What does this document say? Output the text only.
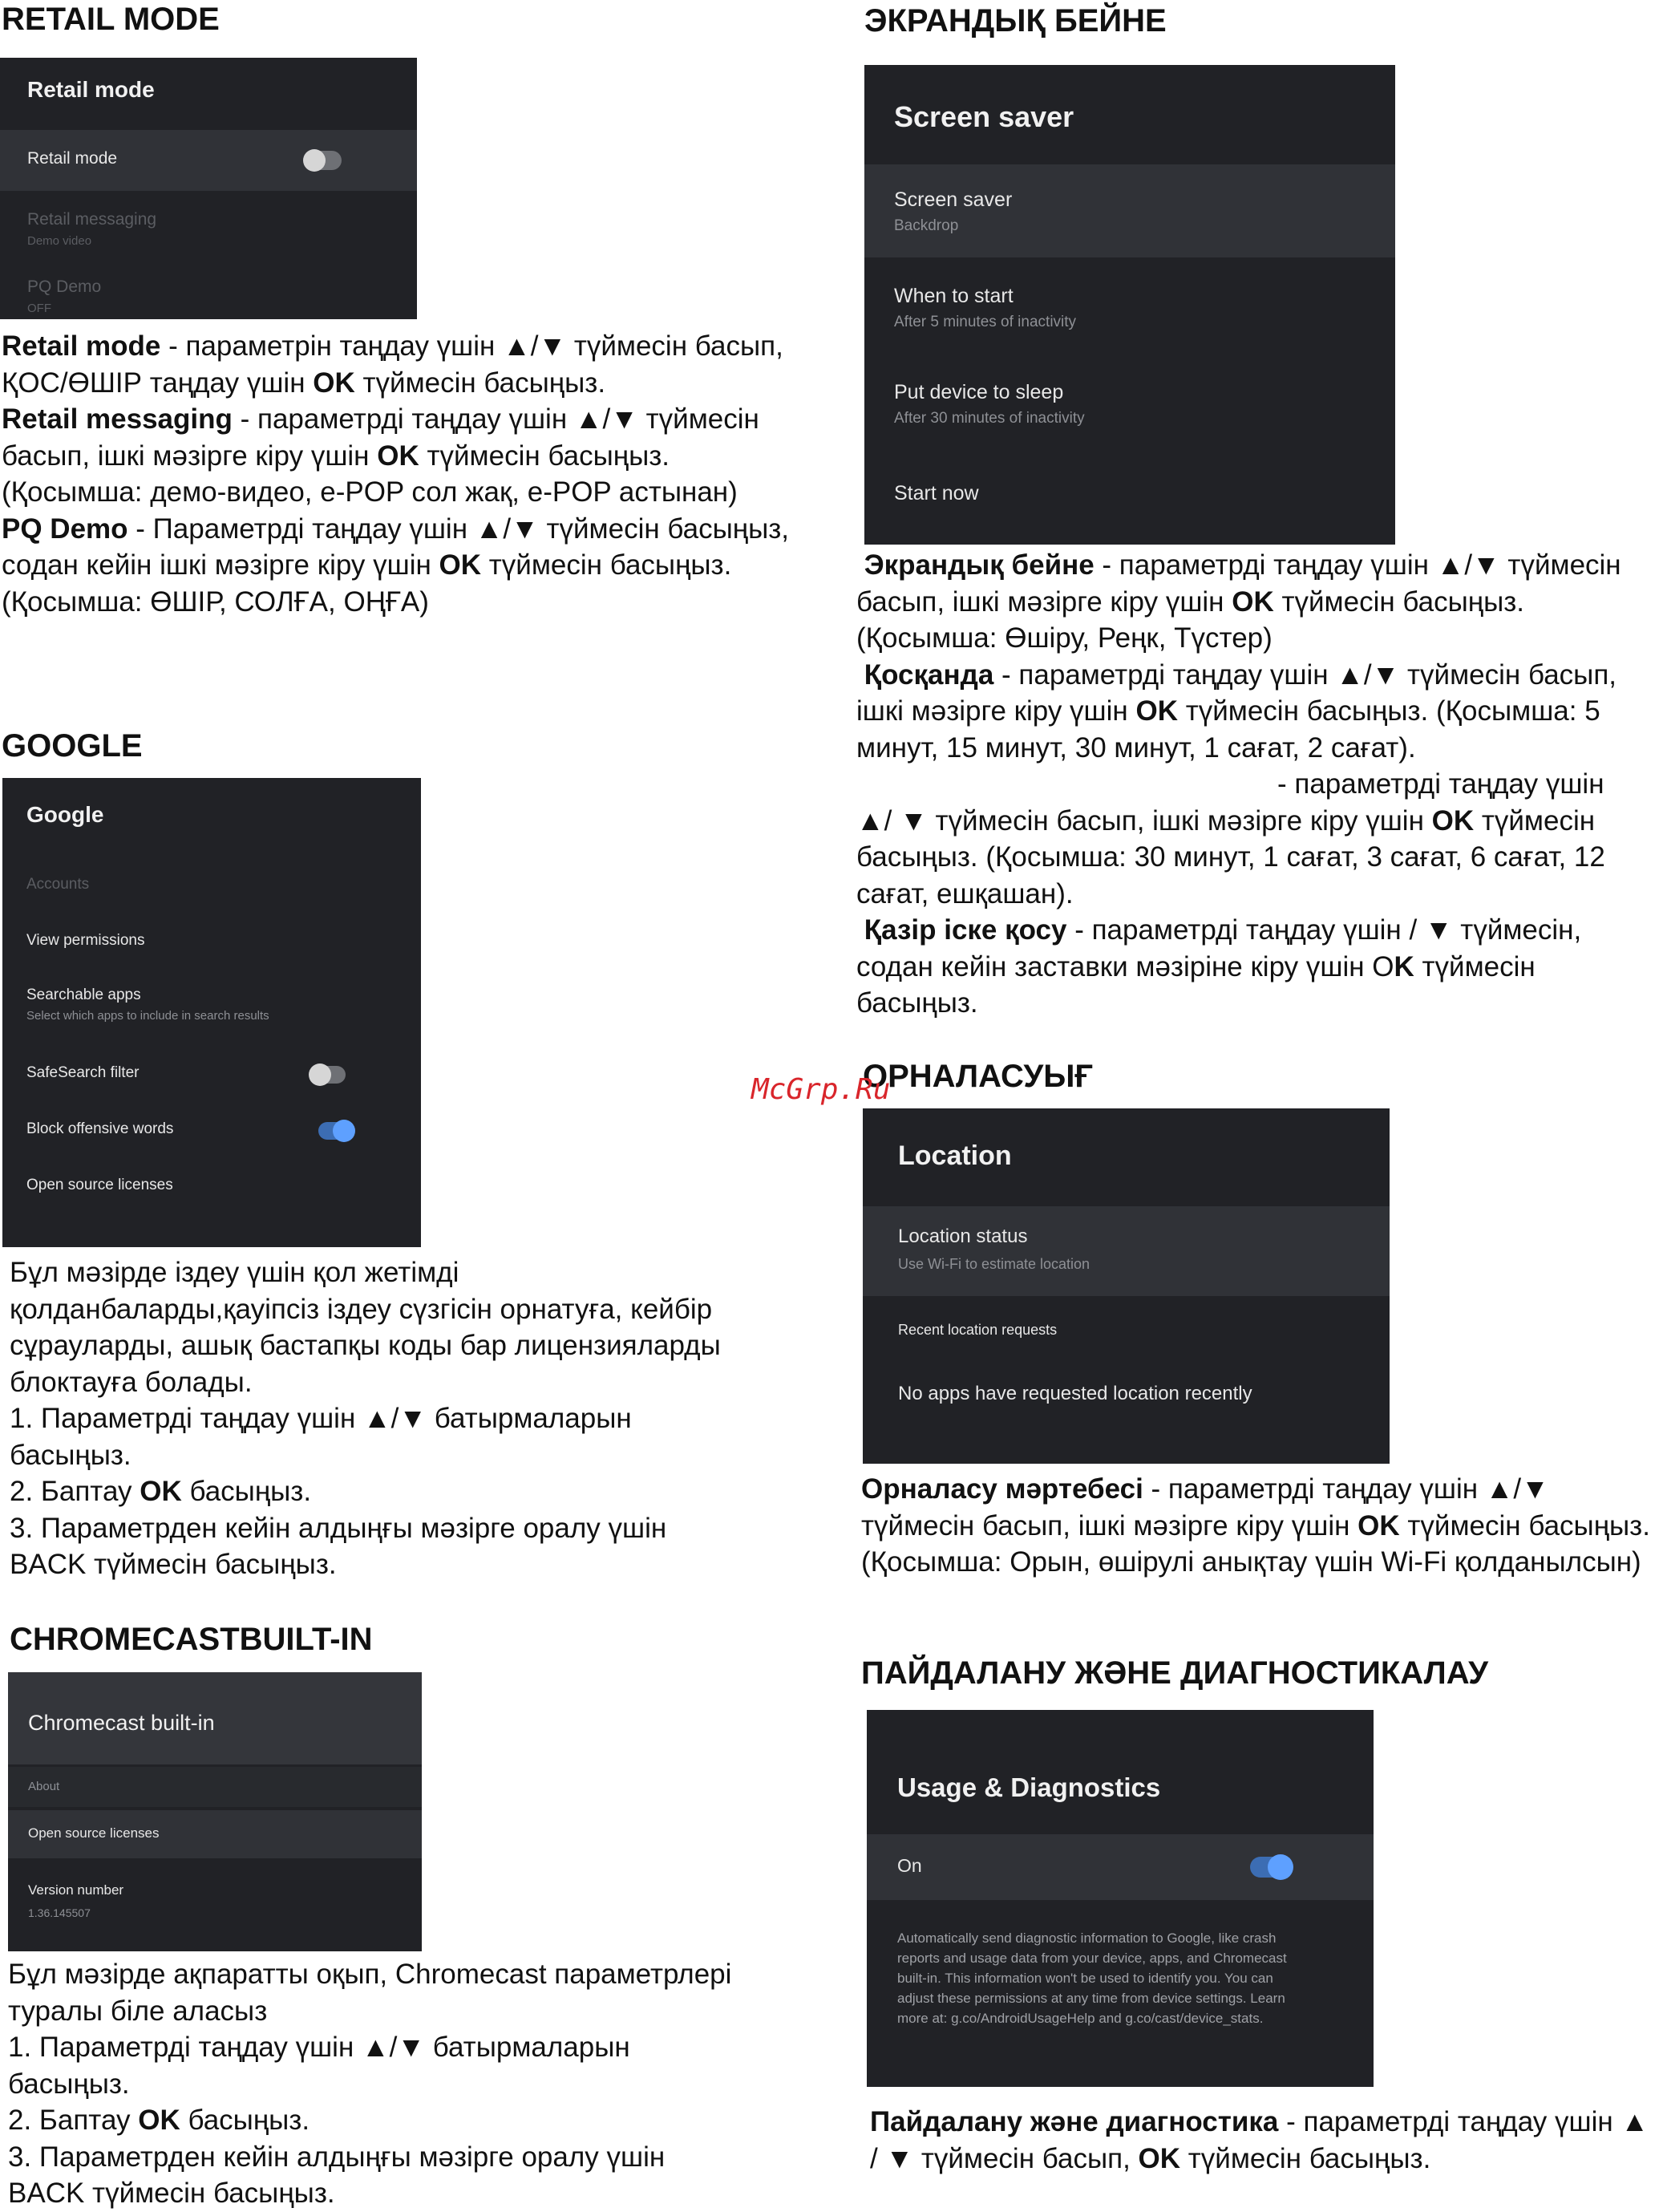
RETAIL MODE
Retail mode
Retail mode
Retail messaging
Demo video
PQ Demo
OFF

Retail mode - параметрін таңдау үшін ▲/▼ түймесін басып, ҚОС/ӨШІР таңдау үшін OK түймесін басыңыз.

Retail messaging - параметрді таңдау үшін ▲/▼ түймесін басып, ішкі мәзірге кіру үшін OK түймесін басыңыз. (Қосымша: демо-видео, e-POP сол жақ, e-POP астынан)

PQ Demo - Параметрді таңдау үшін ▲/▼ түймесін басыңыз, содан кейін ішкі мәзірге кіру үшін OK түймесін басыңыз.

(Қосымша: ӨШІР, СОЛҒА, ОҢҒА)

GOOGLE
Google
Accounts
View permissions
Searchable apps
Select which apps to include in search results
SafeSearch filter
Block offensive words
Open source licenses

Бұл мәзірде іздеу үшін қол жетімді қолданбаларды,қауіпсіз іздеу сүзгісін орнатуға, кейбір сұрауларды, ашық бастапқы коды бар лицензияларды блоктауға болады.

1. Параметрді таңдау үшін ▲/▼ батырмаларын басыңыз.

2. Баптау OK басыңыз.

3. Параметрден кейін алдыңғы мәзірге оралу үшін BACK түймесін басыңыз.

CHROMECASTBUILT-IN
Chromecast built-in
About
Open source licenses
Version number
1.36.145507

Бұл мәзірде ақпаратты оқып, Chromecast параметрлері туралы біле аласыз

1. Параметрді таңдау үшін ▲/▼ батырмаларын басыңыз.

2. Баптау OK басыңыз.

3. Параметрден кейін алдыңғы мәзірге оралу үшін BACK түймесін басыңыз.

ЭКРАНДЫҚ БЕЙНЕ
Screen saver
Screen saver
Backdrop
When to start
After 5 minutes of inactivity
Put device to sleep
After 30 minutes of inactivity
Start now

Экрандық бейне - параметрді таңдау үшін ▲/▼ түймесін басып, ішкі мәзірге кіру үшін OK түймесін басыңыз. (Қосымша: Өшіру, Реңк, Түстер)

Қосқанда - параметрді таңдау үшін ▲/▼ түймесін басып, ішкі мәзірге кіру үшін OK түймесін басыңыз. (Қосымша: 5 минут, 15 минут, 30 минут, 1 сағат, 2 сағат).

- параметрді таңдау үшін

▲/ ▼ түймесін басып, ішкі мәзірге кіру үшін OK түймесін басыңыз. (Қосымша: 30 минут, 1 сағат, 3 сағат, 6 сағат, 12 сағат, ешқашан).

Қазір іске қосу - параметрді таңдау үшін / ▼ түймесін, содан кейін заставки мәзіріне кіру үшін ОK түймесін басыңыз.

ОРНАЛАСУЫҒ
Location
Location status
Use Wi-Fi to estimate location
Recent location requests
No apps have requested location recently

Орналасу мәртебесі - параметрді таңдау үшін ▲/▼ түймесін басып, ішкі мәзірге кіру үшін OK түймесін басыңыз. (Қосымша: Орын, өшірулі анықтау үшін Wi-Fi қолданылсын)

ПАЙДАЛАНУ ЖӘНЕ ДИАГНОСТИКАЛАУ
Usage & Diagnostics
On
Automatically send diagnostic information to Google, like crash reports and usage data from your device, apps, and Chromecast built-in. This information won't be used to identify you. You can adjust these permissions at any time from device settings. Learn more at: g.co/AndroidUsageHelp and g.co/cast/device_stats.

Пайдалану және диагностика - параметрді таңдау үшін ▲ / ▼ түймесін басып, OK түймесін басыңыз.

McGrp.Ru
